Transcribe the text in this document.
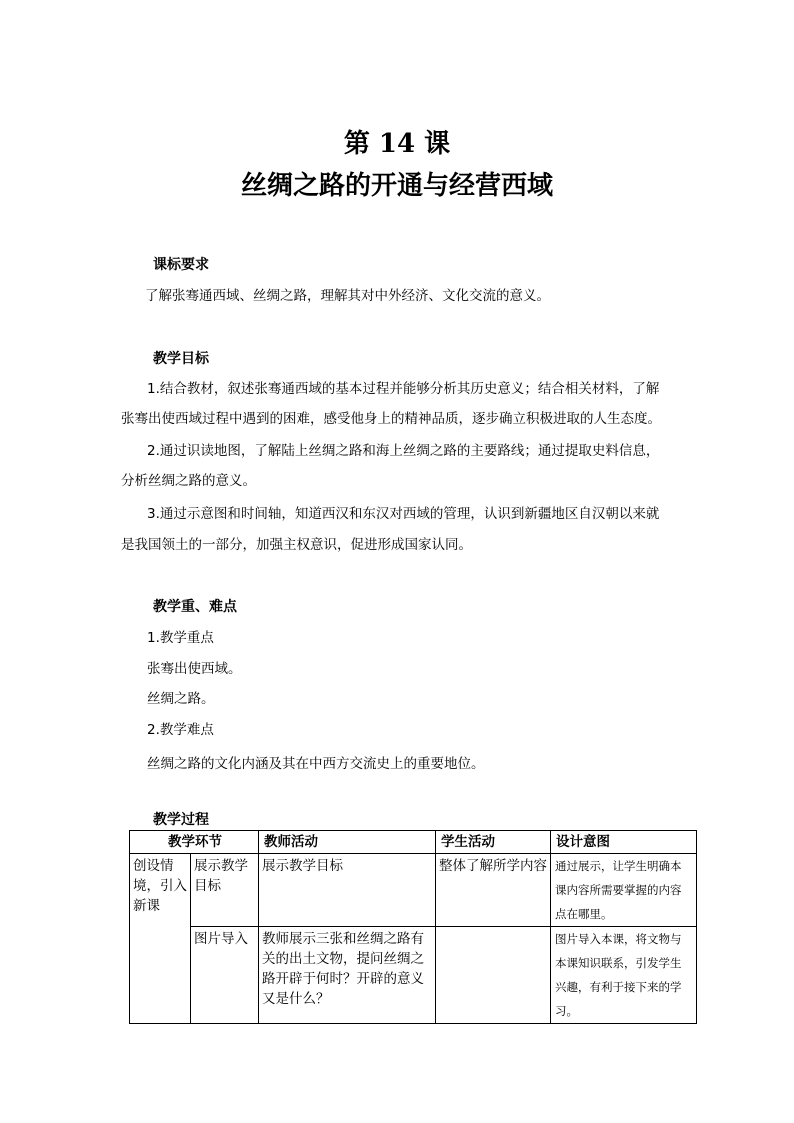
第 14 课
丝绸之路的开通与经营西域
课标要求
了解张骞通西域、丝绸之路，理解其对中外经济、文化交流的意义。
教学目标
1.结合教材，叙述张骞通西域的基本过程并能够分析其历史意义；结合相关材料，了解
张骞出使西域过程中遇到的困难，感受他身上的精神品质，逐步确立积极进取的人生态度。
2.通过识读地图，了解陆上丝绸之路和海上丝绸之路的主要路线；通过提取史料信息，
分析丝绸之路的意义。
3.通过示意图和时间轴，知道西汉和东汉对西域的管理，认识到新疆地区自汉朝以来就
是我国领土的一部分，加强主权意识，促进形成国家认同。
教学重、难点
1.教学重点
张骞出使西域。
丝绸之路。
2.教学难点
丝绸之路的文化内涵及其在中西方交流史上的重要地位。
教学过程
教学环节		教师活动	学生活动	设计意图
创设情境，引入新课	展示教学目标	展示教学目标	整体了解所学内容	通过展示，让学生明确本课内容所需要掌握的内容点在哪里。
	图片导入	教师展示三张和丝绸之路有关的出土文物，提问丝绸之路开辟于何时？开辟的意义又是什么？		图片导入本课，将文物与本课知识联系，引发学生兴趣，有利于接下来的学习。
